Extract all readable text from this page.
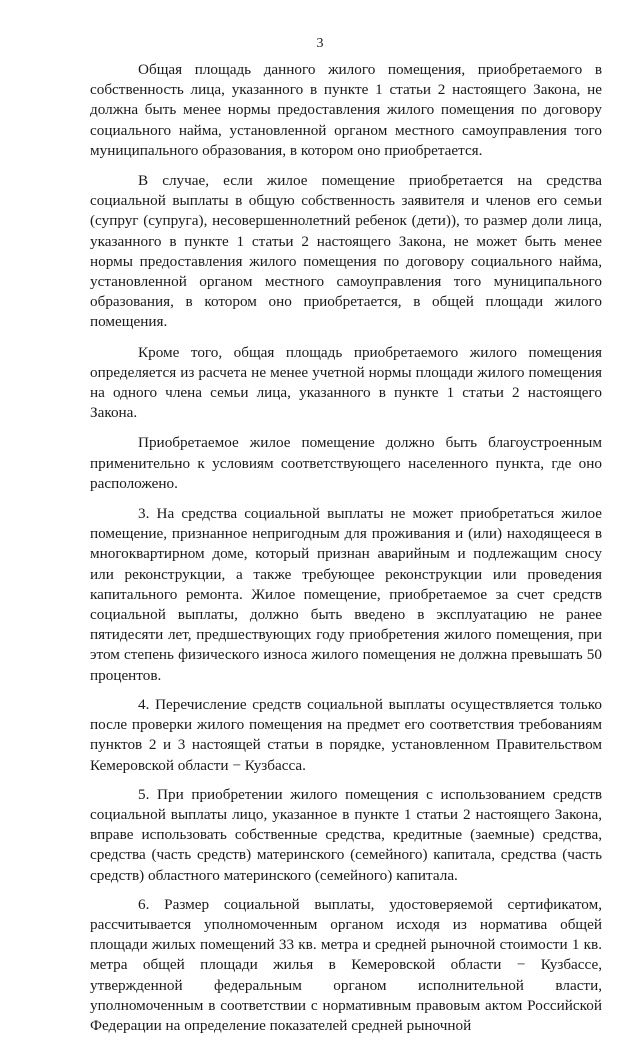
3

Общая площадь данного жилого помещения, приобретаемого в собственность лица, указанного в пункте 1 статьи 2 настоящего Закона, не должна быть менее нормы предоставления жилого помещения по договору социального найма, установленной органом местного самоуправления того муниципального образования, в котором оно приобретается.

В случае, если жилое помещение приобретается на средства социальной выплаты в общую собственность заявителя и членов его семьи (супруг (супруга), несовершеннолетний ребенок (дети)), то размер доли лица, указанного в пункте 1 статьи 2 настоящего Закона, не может быть менее нормы предоставления жилого помещения по договору социального найма, установленной органом местного самоуправления того муниципального образования, в котором оно приобретается, в общей площади жилого помещения.

Кроме того, общая площадь приобретаемого жилого помещения определяется из расчета не менее учетной нормы площади жилого помещения на одного члена семьи лица, указанного в пункте 1 статьи 2 настоящего Закона.

Приобретаемое жилое помещение должно быть благоустроенным применительно к условиям соответствующего населенного пункта, где оно расположено.

3. На средства социальной выплаты не может приобретаться жилое помещение, признанное непригодным для проживания и (или) находящееся в многоквартирном доме, который признан аварийным и подлежащим сносу или реконструкции, а также требующее реконструкции или проведения капитального ремонта. Жилое помещение, приобретаемое за счет средств социальной выплаты, должно быть введено в эксплуатацию не ранее пятидесяти лет, предшествующих году приобретения жилого помещения, при этом степень физического износа жилого помещения не должна превышать 50 процентов.

4. Перечисление средств социальной выплаты осуществляется только после проверки жилого помещения на предмет его соответствия требованиям пунктов 2 и 3 настоящей статьи в порядке, установленном Правительством Кемеровской области − Кузбасса.

5. При приобретении жилого помещения с использованием средств социальной выплаты лицо, указанное в пункте 1 статьи 2 настоящего Закона, вправе использовать собственные средства, кредитные (заемные) средства, средства (часть средств) материнского (семейного) капитала, средства (часть средств) областного материнского (семейного) капитала.

6. Размер социальной выплаты, удостоверяемой сертификатом, рассчитывается уполномоченным органом исходя из норматива общей площади жилых помещений 33 кв. метра и средней рыночной стоимости 1 кв. метра общей площади жилья в Кемеровской области − Кузбассе, утвержденной федеральным органом исполнительной власти, уполномоченным в соответствии с нормативным правовым актом Российской Федерации на определение показателей средней рыночной
